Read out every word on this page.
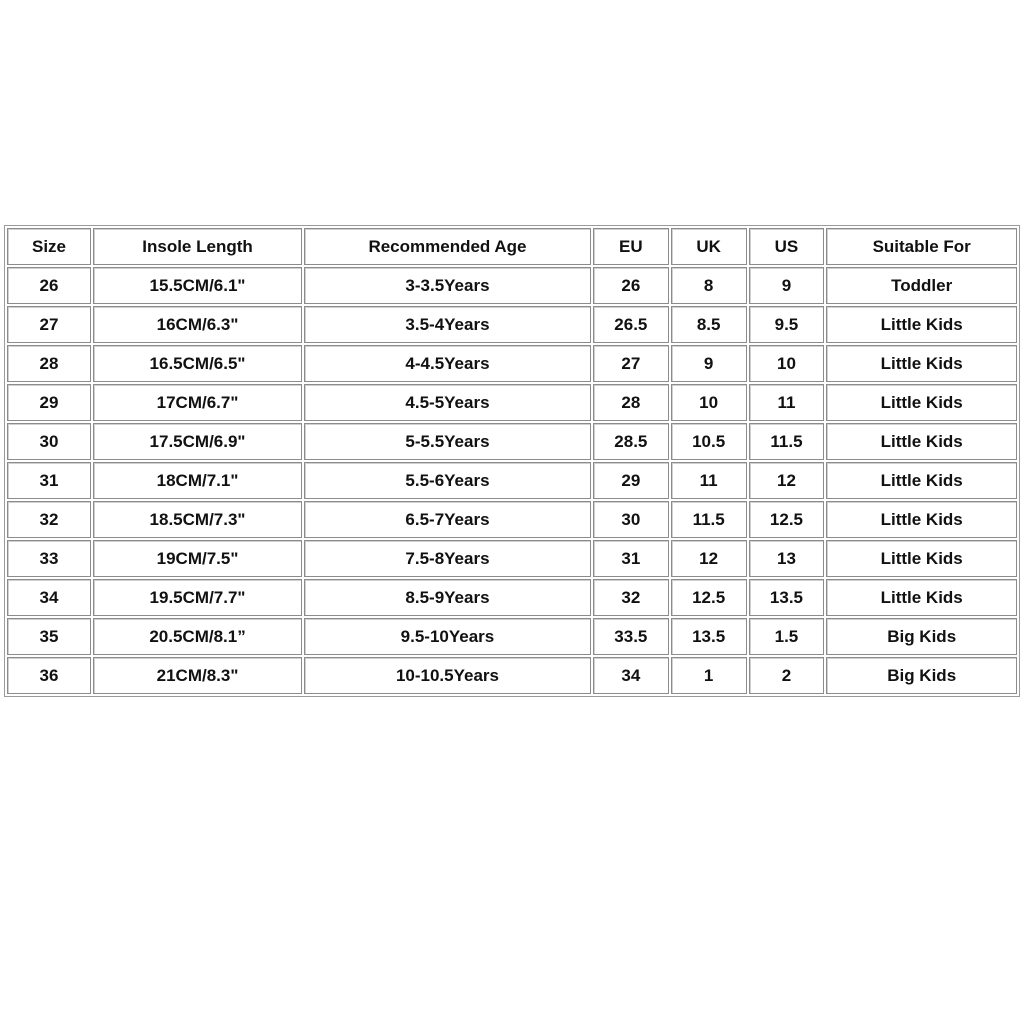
Size	Insole Length	Recommended Age	EU	UK	US	Suitable For
26	15.5CM/6.1"	3-3.5Years	26	8	9	Toddler
27	16CM/6.3"	3.5-4Years	26.5	8.5	9.5	Little Kids
28	16.5CM/6.5"	4-4.5Years	27	9	10	Little Kids
29	17CM/6.7"	4.5-5Years	28	10	11	Little Kids
30	17.5CM/6.9"	5-5.5Years	28.5	10.5	11.5	Little Kids
31	18CM/7.1"	5.5-6Years	29	11	12	Little Kids
32	18.5CM/7.3"	6.5-7Years	30	11.5	12.5	Little Kids
33	19CM/7.5"	7.5-8Years	31	12	13	Little Kids
34	19.5CM/7.7"	8.5-9Years	32	12.5	13.5	Little Kids
35	20.5CM/8.1”	9.5-10Years	33.5	13.5	1.5	Big Kids
36	21CM/8.3"	10-10.5Years	34	1	2	Big Kids
